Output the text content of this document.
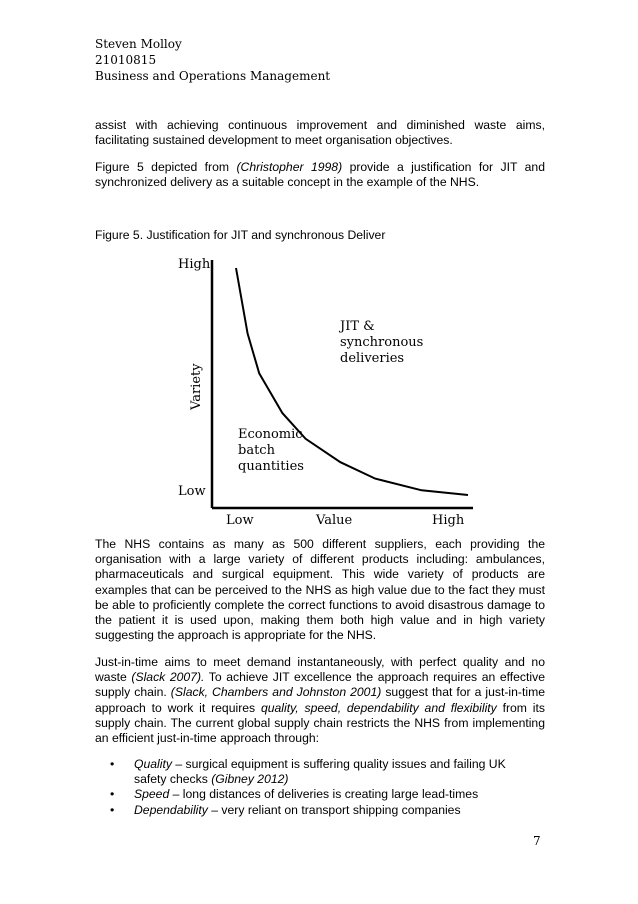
Steven Molloy
21010815
Business and Operations Management

assist with achieving continuous improvement and diminished waste aims, facilitating sustained development to meet organisation objectives.

Figure 5 depicted from (Christopher 1998) provide a justification for JIT and synchronized delivery as a suitable concept in the example of the NHS.

Figure 5. Justification for JIT and synchronous Deliver
High
Low
Variety
Low	Value	High
JIT &
synchronous
deliveries
Economic
batch
quantities

The NHS contains as many as 500 different suppliers, each providing the organisation with a large variety of different products including: ambulances, pharmaceuticals and surgical equipment. This wide variety of products are examples that can be perceived to the NHS as high value due to the fact they must be able to proficiently complete the correct functions to avoid disastrous damage to the patient it is used upon, making them both high value and in high variety suggesting the approach is appropriate for the NHS.

Just-in-time aims to meet demand instantaneously, with perfect quality and no waste (Slack 2007). To achieve JIT excellence the approach requires an effective supply chain. (Slack, Chambers and Johnston 2001) suggest that for a just-in-time approach to work it requires quality, speed, dependability and flexibility from its supply chain. The current global supply chain restricts the NHS from implementing an efficient just-in-time approach through:

• Quality – surgical equipment is suffering quality issues and failing UK safety checks (Gibney 2012)
• Speed – long distances of deliveries is creating large lead-times
• Dependability – very reliant on transport shipping companies
7
